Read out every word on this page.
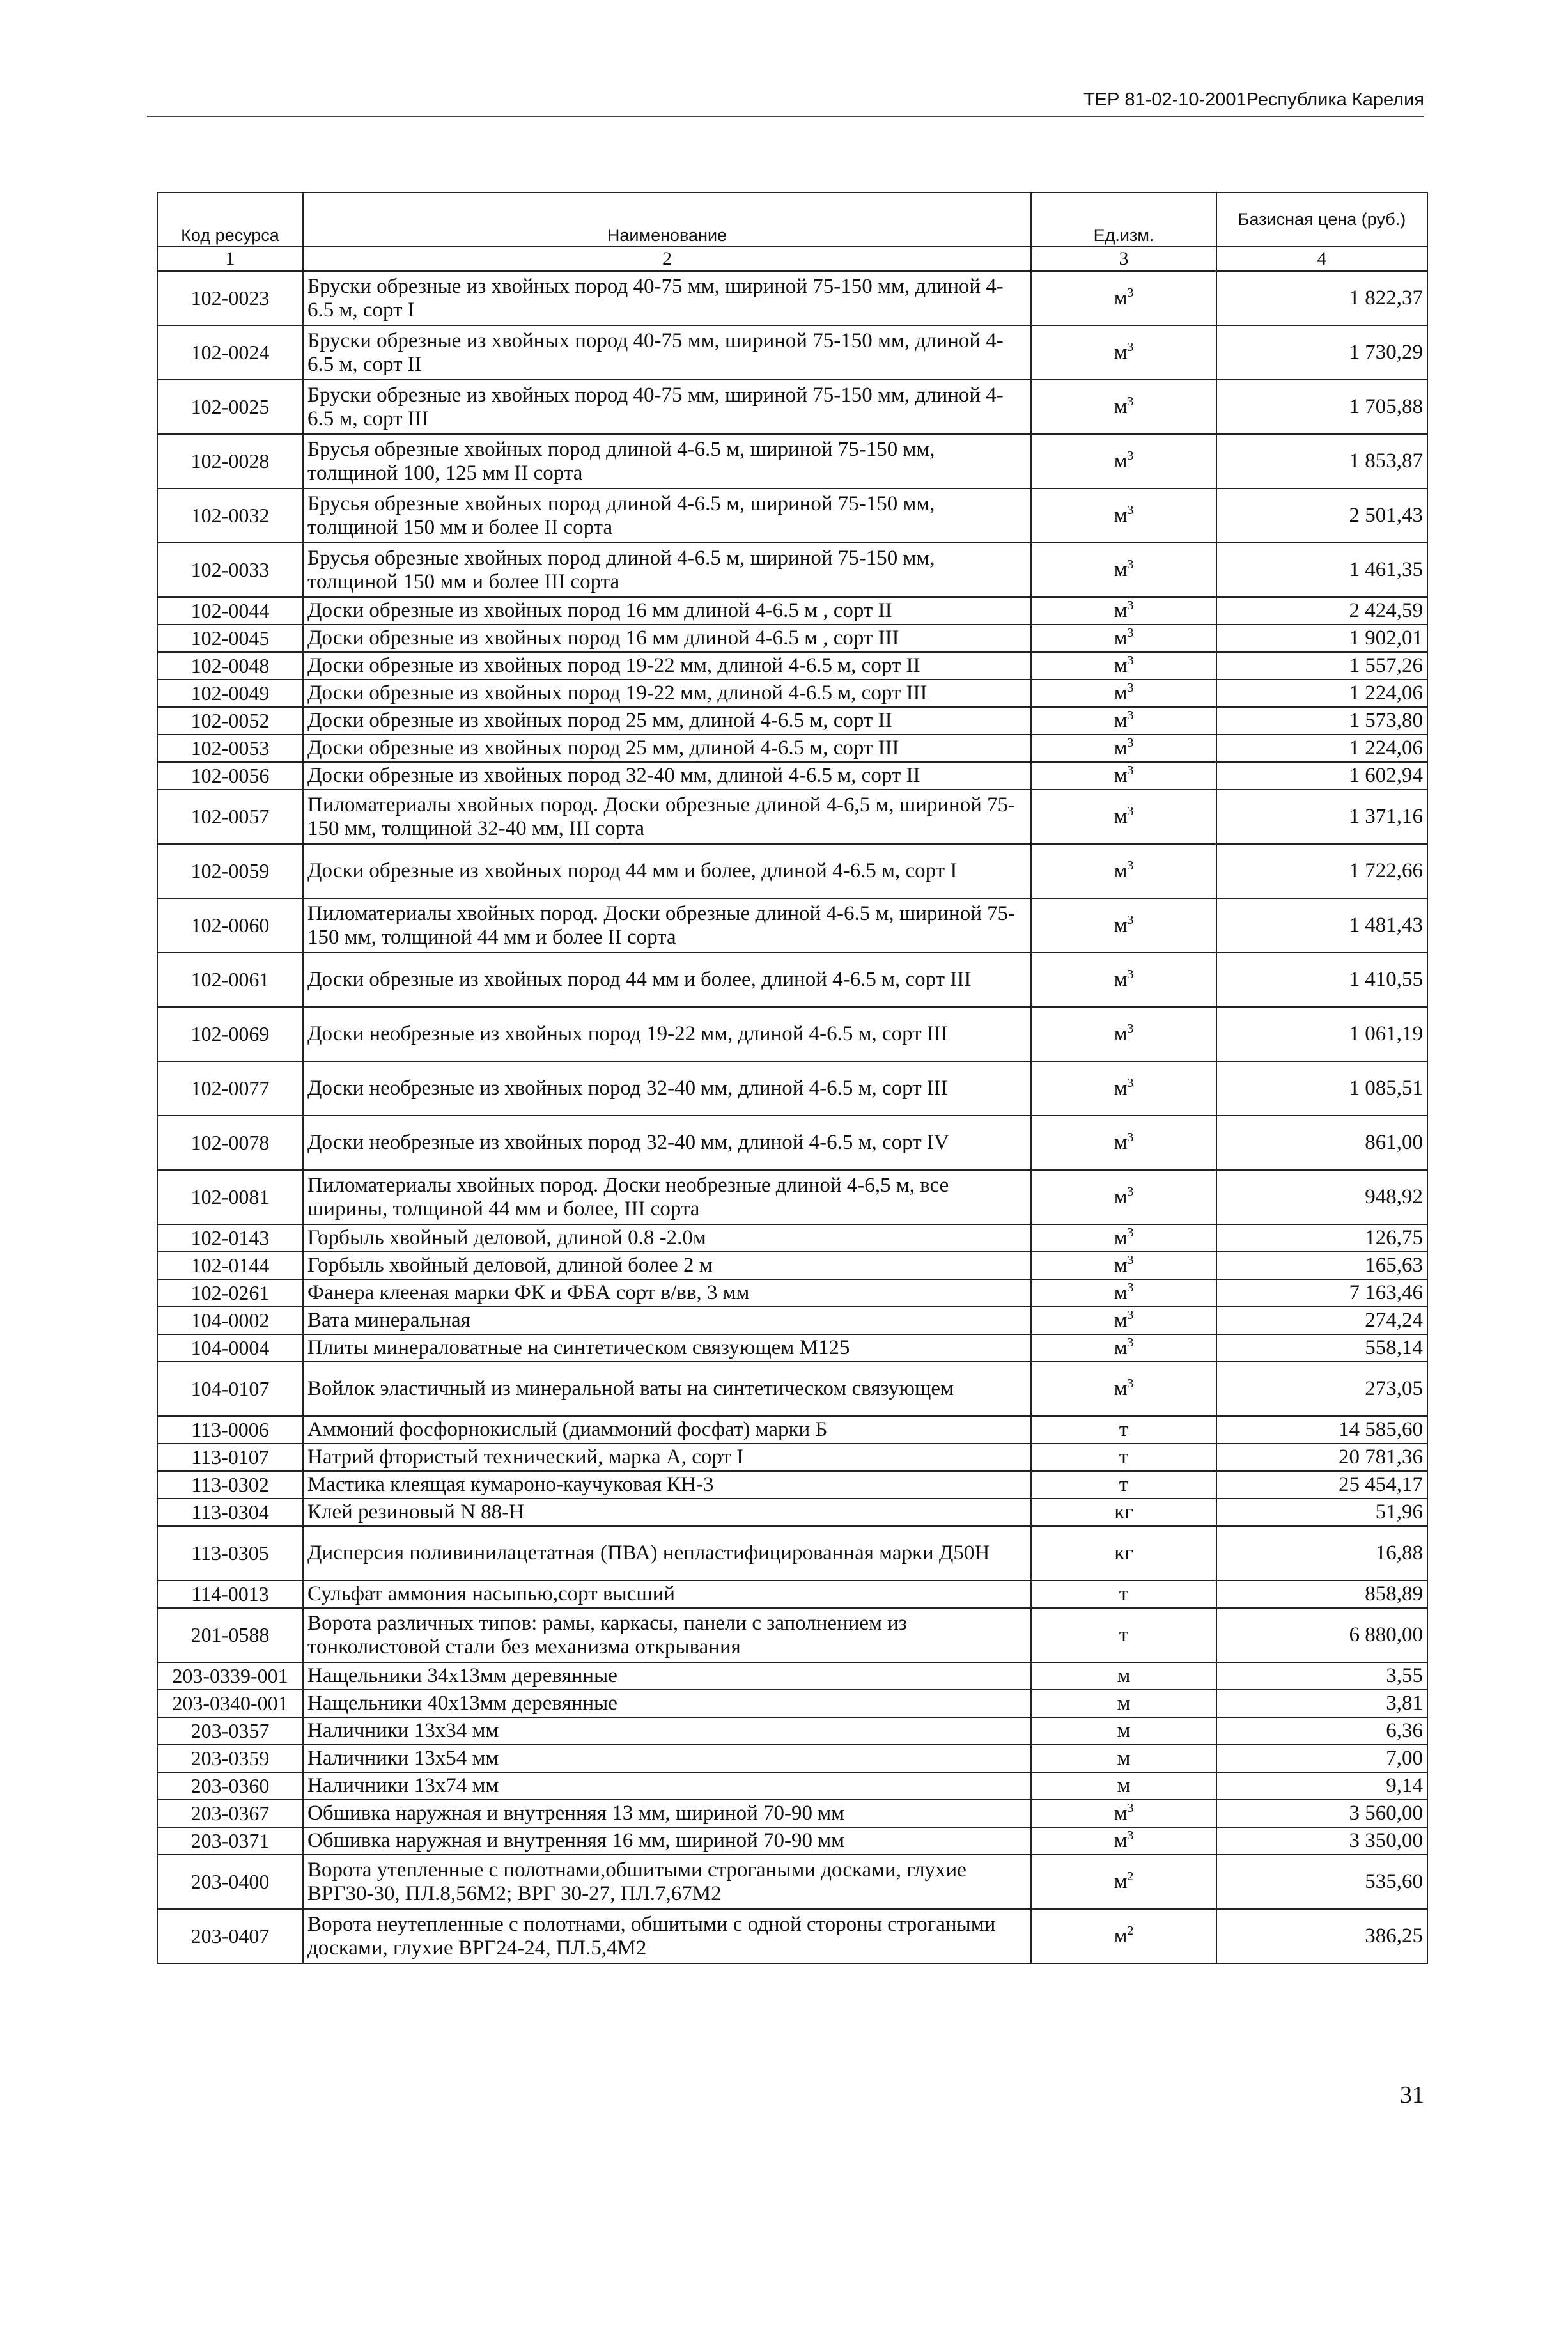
ТЕР 81-02-10-2001Республика Карелия
Код ресурса	Наименование	Ед.изм.	Базисная цена (руб.)
1	2	3	4
102-0023	Бруски обрезные из хвойных пород 40-75 мм, шириной 75-150 мм, длиной 4-6.5 м, сорт I	$м^3$	1 822,37
102-0024	Бруски обрезные из хвойных пород 40-75 мм, шириной 75-150 мм, длиной 4-6.5 м, сорт II	$м^3$	1 730,29
102-0025	Бруски обрезные из хвойных пород 40-75 мм, шириной 75-150 мм, длиной 4-6.5 м, сорт III	$м^3$	1 705,88
102-0028	Брусья обрезные хвойных пород длиной 4-6.5 м, шириной 75-150 мм, толщиной 100, 125 мм II сорта	$м^3$	1 853,87
102-0032	Брусья обрезные хвойных пород длиной 4-6.5 м, шириной 75-150 мм, толщиной 150 мм и более II сорта	$м^3$	2 501,43
102-0033	Брусья обрезные хвойных пород длиной 4-6.5 м, шириной 75-150 мм, толщиной 150 мм и более III сорта	$м^3$	1 461,35
102-0044	Доски обрезные из хвойных пород 16 мм длиной 4-6.5 м , сорт II	$м^3$	2 424,59
102-0045	Доски обрезные из хвойных пород 16 мм длиной 4-6.5 м , сорт III	$м^3$	1 902,01
102-0048	Доски обрезные из хвойных пород 19-22 мм, длиной 4-6.5 м, сорт II	$м^3$	1 557,26
102-0049	Доски обрезные из хвойных пород 19-22 мм, длиной 4-6.5 м, сорт III	$м^3$	1 224,06
102-0052	Доски обрезные из хвойных пород 25 мм, длиной 4-6.5 м, сорт II	$м^3$	1 573,80
102-0053	Доски обрезные из хвойных пород 25 мм, длиной 4-6.5 м, сорт III	$м^3$	1 224,06
102-0056	Доски обрезные из хвойных пород 32-40 мм, длиной 4-6.5 м, сорт II	$м^3$	1 602,94
102-0057	Пиломатериалы хвойных пород. Доски обрезные длиной 4-6,5 м, шириной 75-150 мм, толщиной 32-40 мм, III сорта	$м^3$	1 371,16
102-0059	Доски обрезные из хвойных пород 44 мм и более, длиной 4-6.5 м, сорт I	$м^3$	1 722,66
102-0060	Пиломатериалы хвойных пород. Доски обрезные длиной 4-6.5 м, шириной 75-150 мм, толщиной 44 мм и более II сорта	$м^3$	1 481,43
102-0061	Доски обрезные из хвойных пород 44 мм и более, длиной 4-6.5 м, сорт III	$м^3$	1 410,55
102-0069	Доски необрезные из хвойных пород 19-22 мм, длиной 4-6.5 м, сорт III	$м^3$	1 061,19
102-0077	Доски необрезные из хвойных пород 32-40 мм, длиной 4-6.5 м, сорт III	$м^3$	1 085,51
102-0078	Доски необрезные из хвойных пород 32-40 мм, длиной 4-6.5 м, сорт IV	$м^3$	861,00
102-0081	Пиломатериалы хвойных пород. Доски необрезные длиной 4-6,5 м, все ширины, толщиной 44 мм и более, III сорта	$м^3$	948,92
102-0143	Горбыль хвойный деловой, длиной 0.8 -2.0м	$м^3$	126,75
102-0144	Горбыль хвойный деловой, длиной более 2 м	$м^3$	165,63
102-0261	Фанера клееная марки ФК и ФБА сорт в/вв, 3 мм	$м^3$	7 163,46
104-0002	Вата минеральная	$м^3$	274,24
104-0004	Плиты минераловатные на синтетическом связующем М125	$м^3$	558,14
104-0107	Войлок эластичный из минеральной ваты на синтетическом связующем	$м^3$	273,05
113-0006	Аммоний фосфорнокислый (диаммоний фосфат) марки Б	т	14 585,60
113-0107	Натрий фтористый технический, марка А, сорт I	т	20 781,36
113-0302	Мастика клеящая кумароно-каучуковая КН-3	т	25 454,17
113-0304	Клей резиновый N 88-Н	кг	51,96
113-0305	Дисперсия поливинилацетатная (ПВА) непластифицированная марки Д50Н	кг	16,88
114-0013	Сульфат аммония насыпью,сорт высший	т	858,89
201-0588	Ворота различных типов: рамы, каркасы, панели с заполнением из тонколистовой стали без механизма открывания	т	6 880,00
203-0339-001	Нащельники 34х13мм деревянные	м	3,55
203-0340-001	Нащельники 40х13мм деревянные	м	3,81
203-0357	Наличники 13х34 мм	м	6,36
203-0359	Наличники 13х54 мм	м	7,00
203-0360	Наличники 13х74 мм	м	9,14
203-0367	Обшивка наружная и внутренняя 13 мм, шириной 70-90 мм	$м^3$	3 560,00
203-0371	Обшивка наружная и внутренняя 16 мм, шириной 70-90 мм	$м^3$	3 350,00
203-0400	Ворота утепленные с полотнами,обшитыми строгаными досками, глухие ВРГ30-30, ПЛ.8,56М2; ВРГ 30-27, ПЛ.7,67М2	$м^2$	535,60
203-0407	Ворота неутепленные с полотнами, обшитыми с одной стороны строгаными досками, глухие ВРГ24-24, ПЛ.5,4М2	$м^2$	386,25
31
